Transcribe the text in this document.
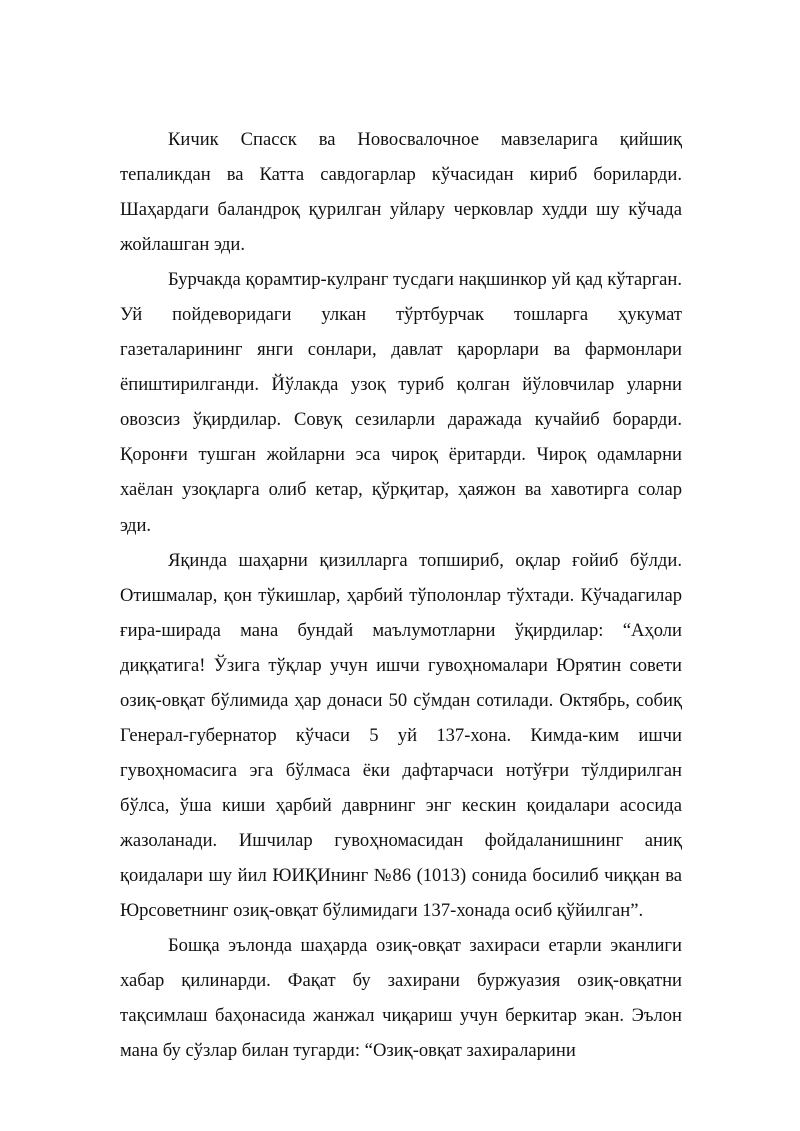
Кичик Спасск ва Новосвалочное мавзеларига қийшиқ тепаликдан ва Катта савдогарлар кўчасидан кириб бориларди. Шаҳардаги баландроқ қурилган уйлару черковлар худди шу кўчада жойлашган эди.

Бурчакда қорамтир-кулранг тусдаги нақшинкор уй қад кўтарган. Уй пойдеворидаги улкан тўртбурчак тошларга ҳукумат газеталарининг янги сонлари, давлат қарорлари ва фармонлари ёпиштирилганди. Йўлакда узоқ туриб қолган йўловчилар уларни овозсиз ўқирдилар. Совуқ сезиларли даражада кучайиб борарди. Қоронғи тушган жойларни эса чироқ ёритарди. Чироқ одамларни хаёлан узоқларга олиб кетар, қўрқитар, ҳаяжон ва хавотирга солар эди.

Яқинда шаҳарни қизилларга топшириб, оқлар ғойиб бўлди. Отишмалар, қон тўкишлар, ҳарбий тўполонлар тўхтади. Кўчадагилар ғира-ширада мана бундай маълумотларни ўқирдилар: “Аҳоли диққатига! Ўзига тўқлар учун ишчи гувоҳномалари Юрятин совети озиқ-овқат бўлимида ҳар донаси 50 сўмдан сотилади. Октябрь, собиқ Генерал-губернатор кўчаси 5 уй 137-хона. Кимда-ким ишчи гувоҳномасига эга бўлмаса ёки дафтарчаси нотўғри тўлдирилган бўлса, ўша киши ҳарбий даврнинг энг кескин қоидалари асосида жазоланади. Ишчилар гувоҳномасидан фойдаланишнинг аниқ қоидалари шу йил ЮИҚИнинг №86 (1013) сонида босилиб чиққан ва Юрсоветнинг озиқ-овқат бўлимидаги 137-хонада осиб қўйилган”.

Бошқа эълонда шаҳарда озиқ-овқат захираси етарли эканлиги хабар қилинарди. Фақат бу захирани буржуазия озиқ-овқатни тақсимлаш баҳонасида жанжал чиқариш учун беркитар экан. Эълон мана бу сўзлар билан тугарди: “Озиқ-овқат захираларини
